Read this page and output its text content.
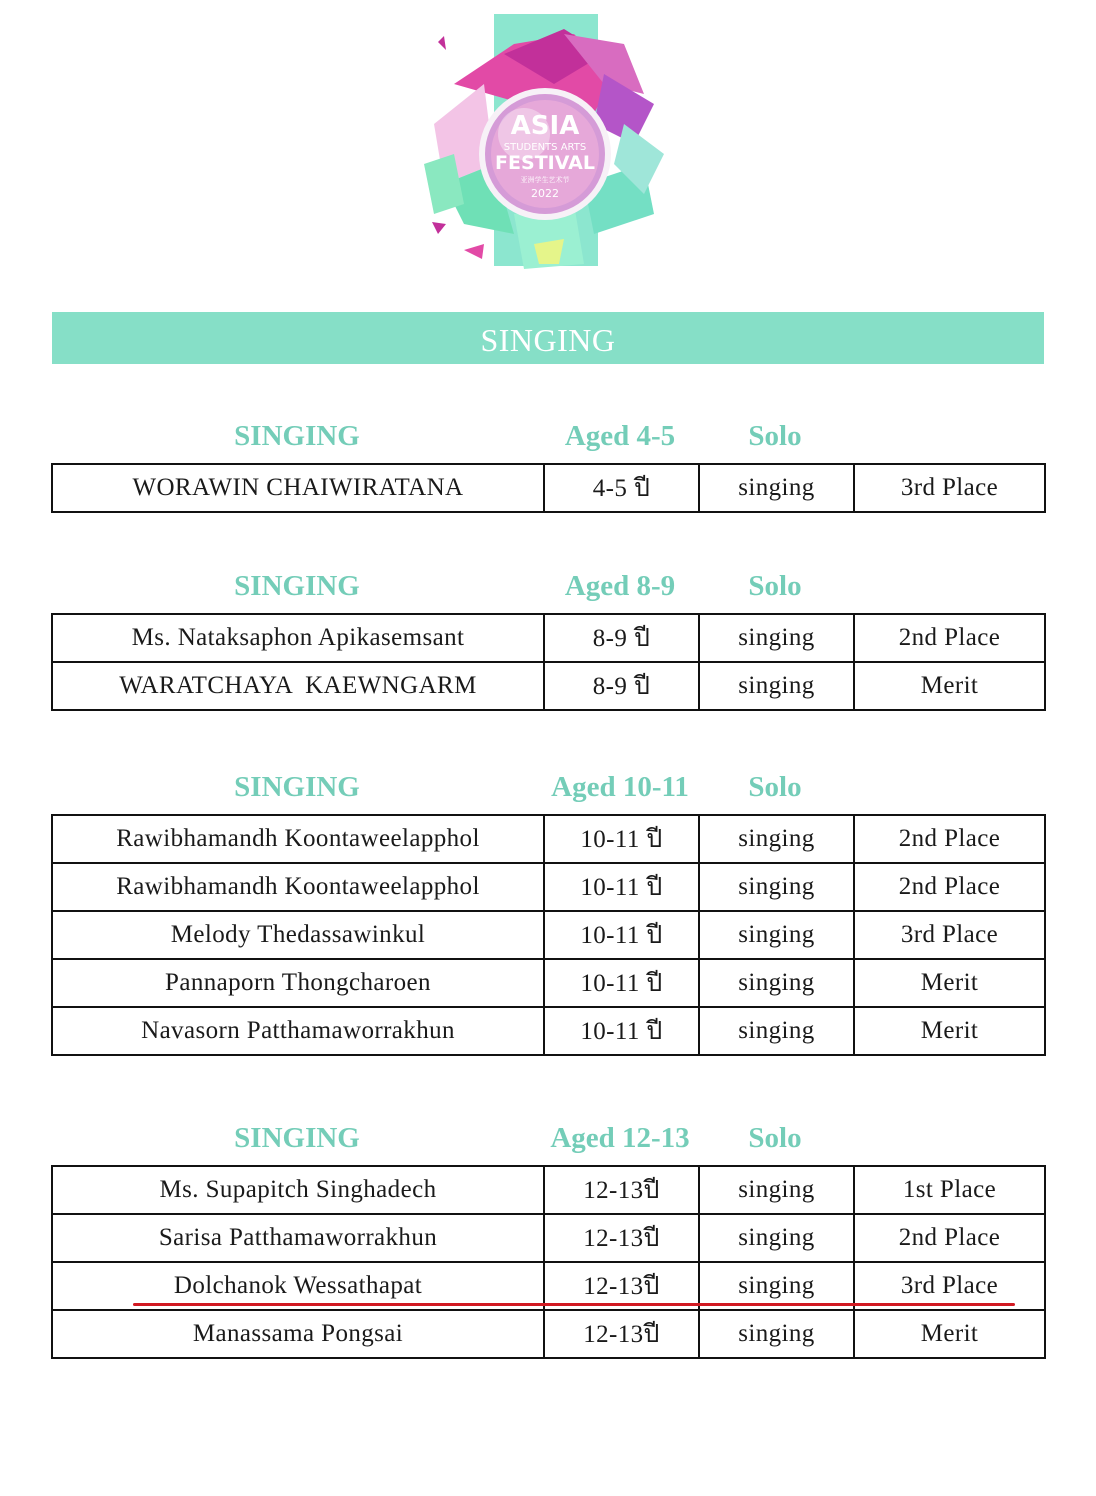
ASIA
STUDENTS ARTS
FESTIVAL
亚洲学生艺术节
2022
SINGING
SINGING	Aged 4-5	Solo
WORAWIN CHAIWIRATANA	4-5 ปี	singing	3rd Place
SINGING	Aged 8-9	Solo
Ms. Nataksaphon Apikasemsant	8-9 ปี	singing	2nd Place
WARATCHAYA  KAEWNGARM	8-9 ปี	singing	Merit
SINGING	Aged 10-11 Solo
Rawibhamandh Koontaweelapphol	10-11 ปี	singing	2nd Place
Rawibhamandh Koontaweelapphol	10-11 ปี	singing	2nd Place
Melody Thedassawinkul	10-11 ปี	singing	3rd Place
Pannaporn Thongcharoen	10-11 ปี	singing	Merit
Navasorn Patthamaworrakhun	10-11 ปี	singing	Merit
SINGING	Aged 12-13 Solo
Ms. Supapitch Singhadech	12-13ปี	singing	1st Place
Sarisa Patthamaworrakhun	12-13ปี	singing	2nd Place
Dolchanok Wessathapat	12-13ปี	singing	3rd Place
Manassama Pongsai	12-13ปี	singing	Merit
